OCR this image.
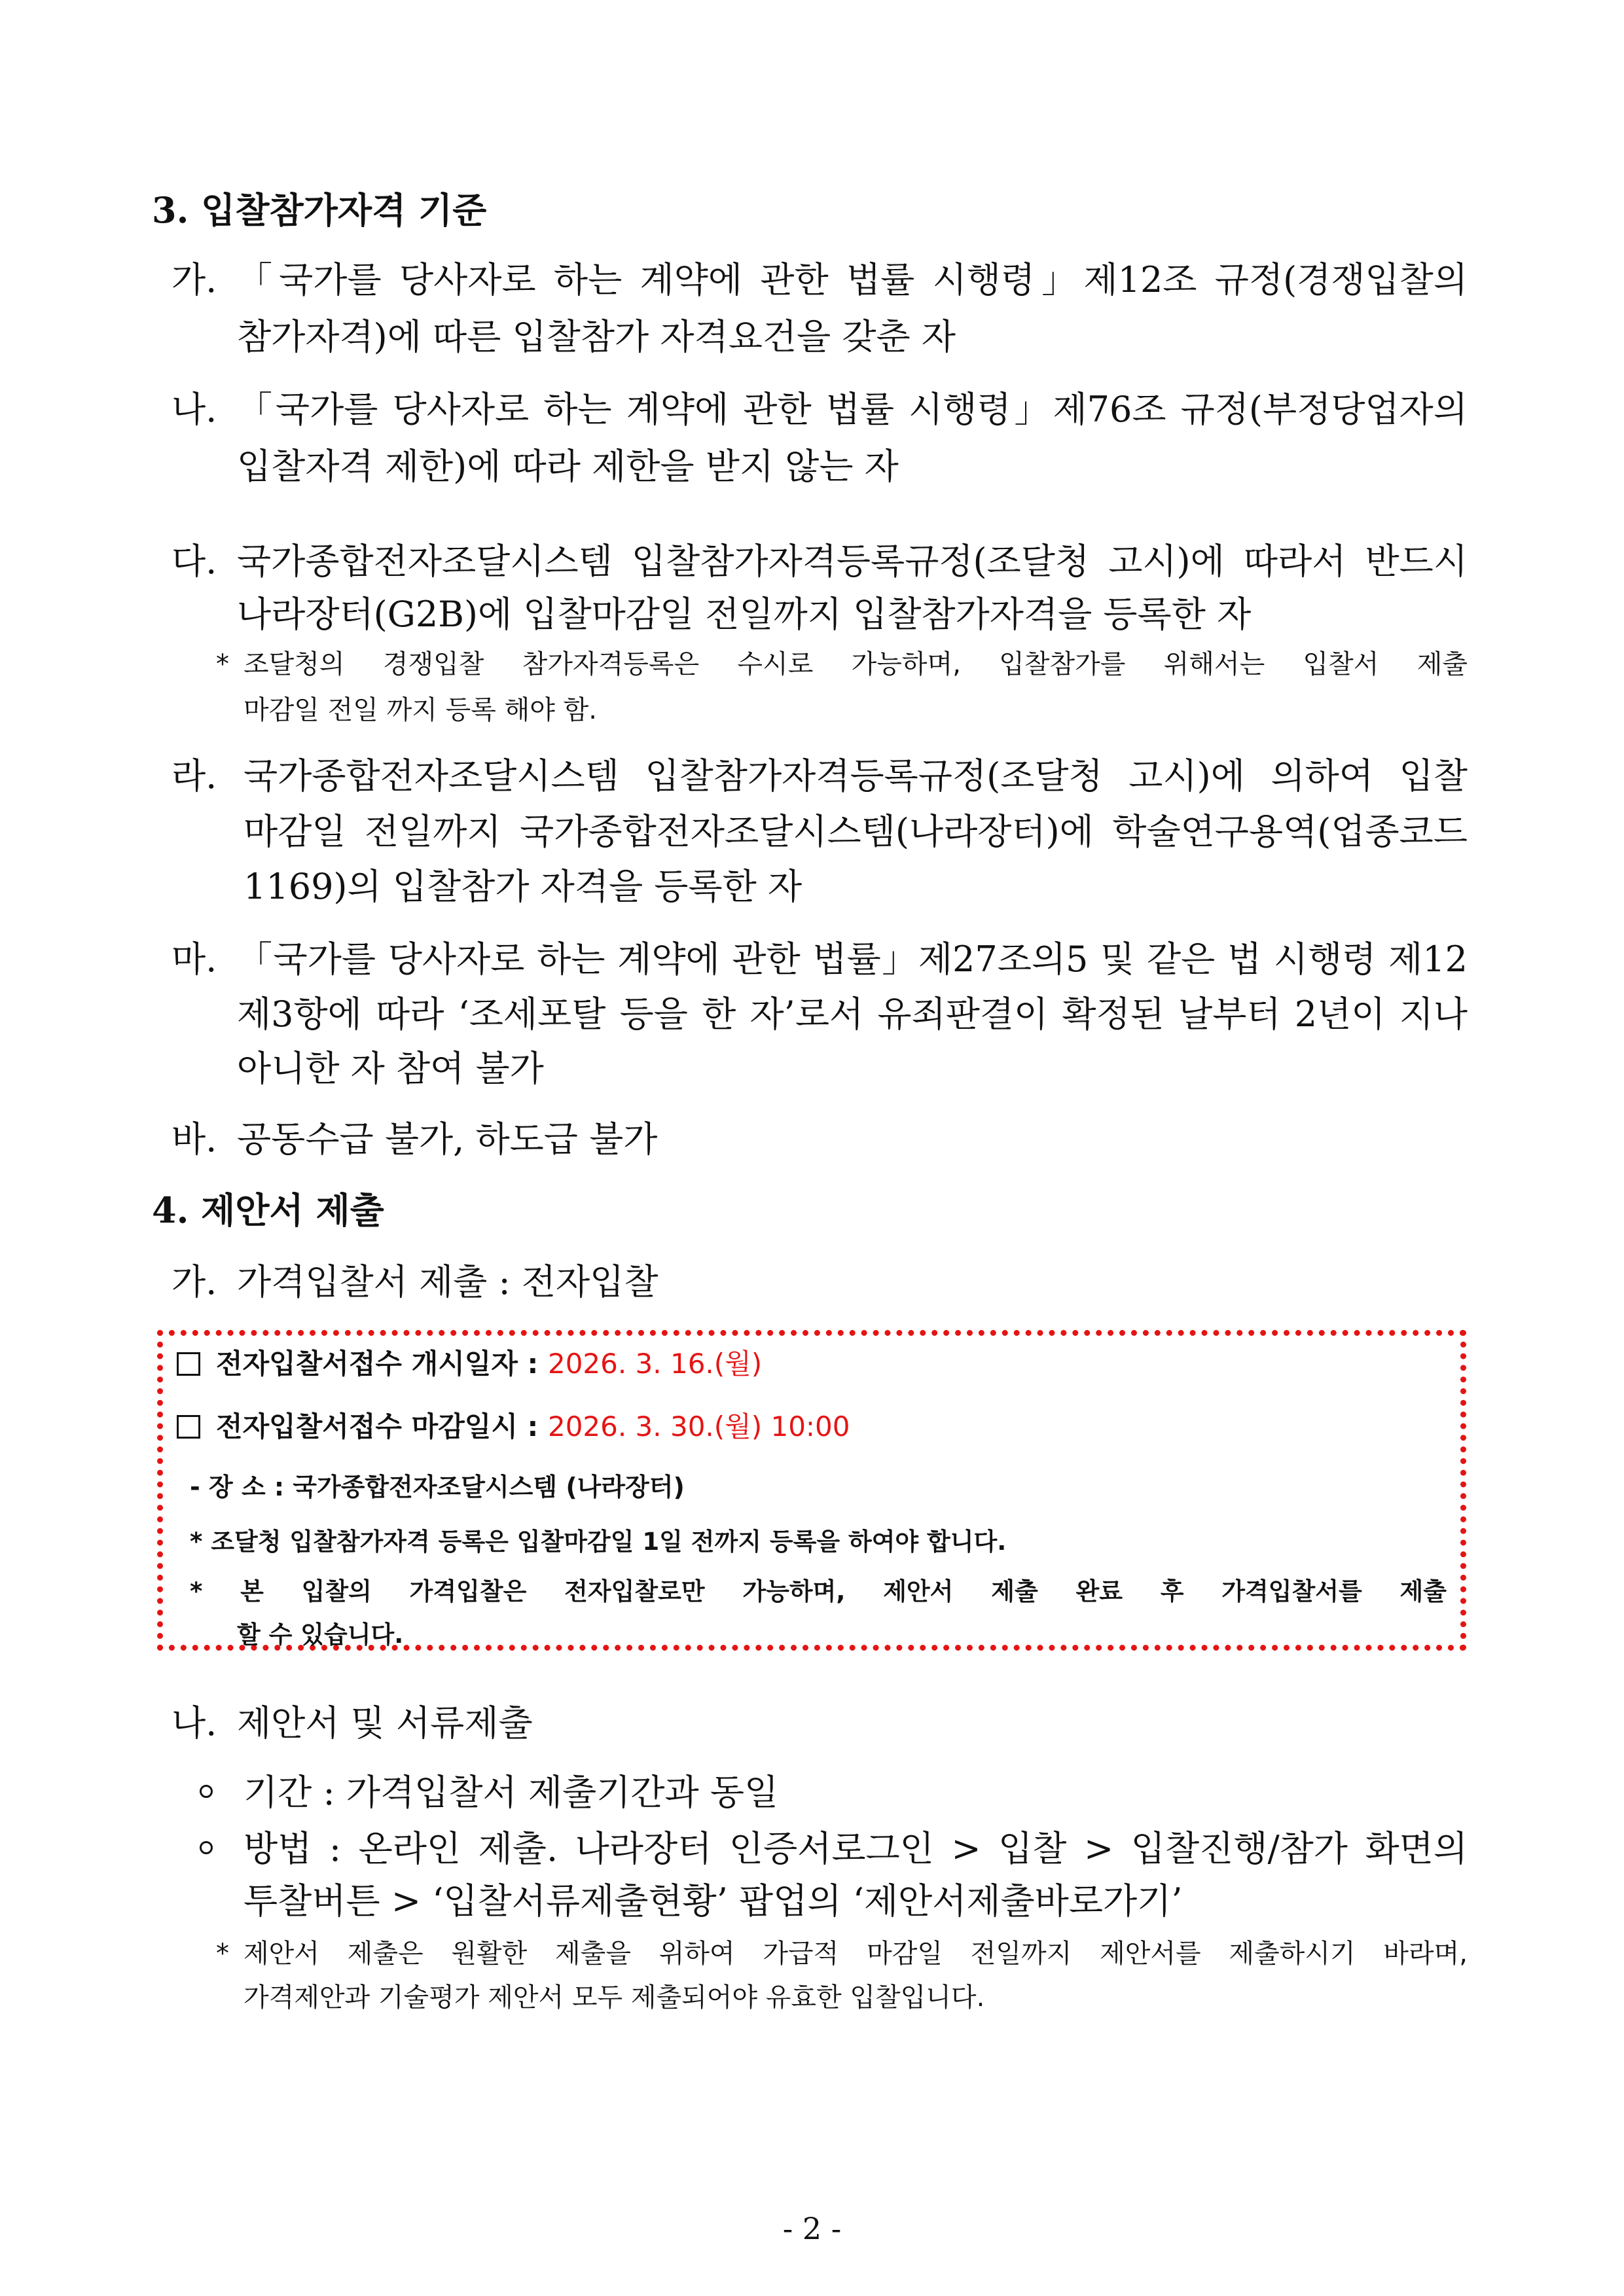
3. 입찰참가자격 기준
가. 「국가를 당사자로 하는 계약에 관한 법률 시행령」제12조 규정(경쟁입찰의
참가자격)에 따른 입찰참가 자격요건을 갖춘 자
나. 「국가를 당사자로 하는 계약에 관한 법률 시행령」제76조 규정(부정당업자의
입찰자격 제한)에 따라 제한을 받지 않는 자
다. 국가종합전자조달시스템 입찰참가자격등록규정(조달청 고시)에 따라서 반드시
나라장터(G2B)에 입찰마감일 전일까지 입찰참가자격을 등록한 자
* 조달청의 경쟁입찰 참가자격등록은 수시로 가능하며, 입찰참가를 위해서는 입찰서 제출
마감일 전일 까지 등록 해야 함.
라. 국가종합전자조달시스템 입찰참가자격등록규정(조달청 고시)에 의하여 입찰
마감일 전일까지 국가종합전자조달시스템(나라장터)에 학술연구용역(업종코드
1169)의 입찰참가 자격을 등록한 자
마. 「국가를 당사자로 하는 계약에 관한 법률」제27조의5 및 같은 법 시행령 제12
제3항에 따라 ‘조세포탈 등을 한 자’로서 유죄판결이 확정된 날부터 2년이 지나
아니한 자 참여 불가
바. 공동수급 불가, 하도급 불가
4. 제안서 제출
가. 가격입찰서 제출 : 전자입찰
전자입찰서접수 개시일자 : 2026. 3. 16.(월)
전자입찰서접수 마감일시 : 2026. 3. 30.(월) 10:00
- 장 소 : 국가종합전자조달시스템 (나라장터)
* 조달청 입찰참가자격 등록은 입찰마감일 1일 전까지 등록을 하여야 합니다.
* 본 입찰의 가격입찰은 전자입찰로만 가능하며, 제안서 제출 완료 후 가격입찰서를 제출
할 수 있습니다.
나. 제안서 및 서류제출
기간 : 가격입찰서 제출기간과 동일
방법 : 온라인 제출. 나라장터 인증서로그인 > 입찰 > 입찰진행/참가 화면의
투찰버튼 > ‘입찰서류제출현황’ 팝업의 ‘제안서제출바로가기’
* 제안서 제출은 원활한 제출을 위하여 가급적 마감일 전일까지 제안서를 제출하시기 바라며,
가격제안과 기술평가 제안서 모두 제출되어야 유효한 입찰입니다.
- 2 -
